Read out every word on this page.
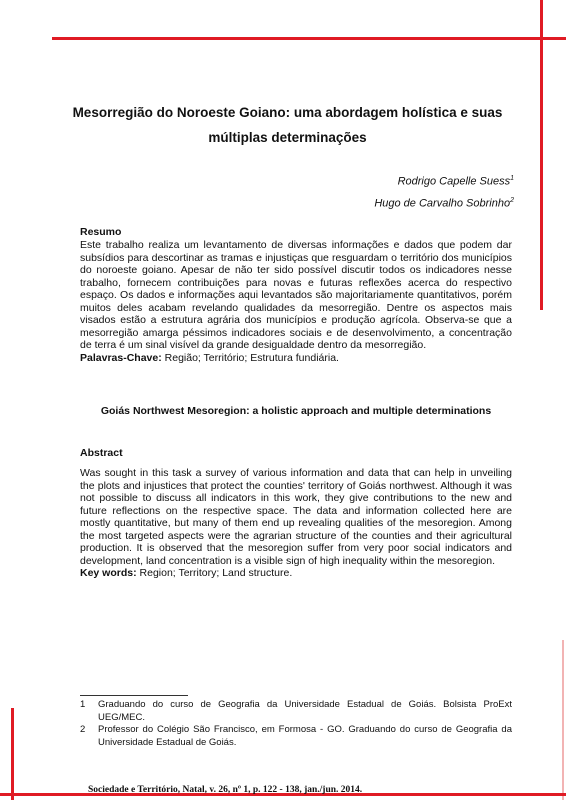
Mesorregião do Noroeste Goiano: uma abordagem holística e suas múltiplas determinações
Rodrigo Capelle Suess$^1$
Hugo de Carvalho Sobrinho$^2$
Resumo
Este trabalho realiza um levantamento de diversas informações e dados que podem dar subsídios para descortinar as tramas e injustiças que resguardam o território dos municípios do noroeste goiano. Apesar de não ter sido possível discutir todos os indicadores nesse trabalho, fornecem contribuições para novas e futuras reflexões acerca do respectivo espaço. Os dados e informações aqui levantados são majoritariamente quantitativos, porém muitos deles acabam revelando qualidades da mesorregião. Dentre os aspectos mais visados estão a estrutura agrária dos municípios e produção agrícola. Observa-se que a mesorregião amarga péssimos indicadores sociais e de desenvolvimento, a concentração de terra é um sinal visível da grande desigualdade dentro da mesorregião.
Palavras-Chave: Região; Território; Estrutura fundiária.
Goiás Northwest Mesoregion: a holistic approach and multiple determinations
Abstract
Was sought in this task a survey of various information and data that can help in unveiling the plots and injustices that protect the counties' territory of Goiás northwest. Although it was not possible to discuss all indicators in this work, they give contributions to the new and future reflections on the respective space. The data and information collected here are mostly quantitative, but many of them end up revealing qualities of the mesoregion. Among the most targeted aspects were the agrarian structure of the counties and their agricultural production. It is observed that the mesoregion suffer from very poor social indicators and development, land concentration is a visible sign of high inequality within the mesoregion.
Key words: Region; Territory; Land structure.
1 Graduando do curso de Geografia da Universidade Estadual de Goiás. Bolsista ProExt UEG/MEC.
2 Professor do Colégio São Francisco, em Formosa - GO. Graduando do curso de Geografia da Universidade Estadual de Goiás.
Sociedade e Território, Natal, v. 26, nº 1, p. 122 - 138, jan./jun. 2014.
